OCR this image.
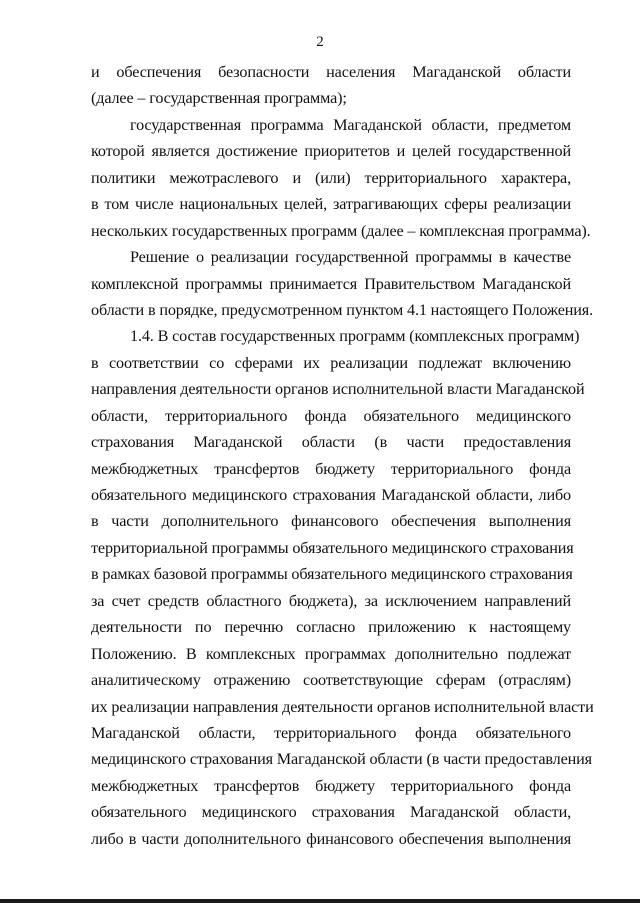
2
и обеспечения безопасности населения Магаданской области
(далее – государственная программа);
государственная программа Магаданской области, предметом
которой является достижение приоритетов и целей государственной
политики межотраслевого и (или) территориального характера,
в том числе национальных целей, затрагивающих сферы реализации
нескольких государственных программ (далее – комплексная программа).
Решение о реализации государственной программы в качестве
комплексной программы принимается Правительством Магаданской
области в порядке, предусмотренном пунктом 4.1 настоящего Положения.
1.4. В состав государственных программ (комплексных программ)
в соответствии со сферами их реализации подлежат включению
направления деятельности органов исполнительной власти Магаданской
области, территориального фонда обязательного медицинского
страхования Магаданской области (в части предоставления
межбюджетных трансфертов бюджету территориального фонда
обязательного медицинского страхования Магаданской области, либо
в части дополнительного финансового обеспечения выполнения
территориальной программы обязательного медицинского страхования
в рамках базовой программы обязательного медицинского страхования
за счет средств областного бюджета), за исключением направлений
деятельности по перечню согласно приложению к настоящему
Положению. В комплексных программах дополнительно подлежат
аналитическому отражению соответствующие сферам (отраслям)
их реализации направления деятельности органов исполнительной власти
Магаданской области, территориального фонда обязательного
медицинского страхования Магаданской области (в части предоставления
межбюджетных трансфертов бюджету территориального фонда
обязательного медицинского страхования Магаданской области,
либо в части дополнительного финансового обеспечения выполнения
